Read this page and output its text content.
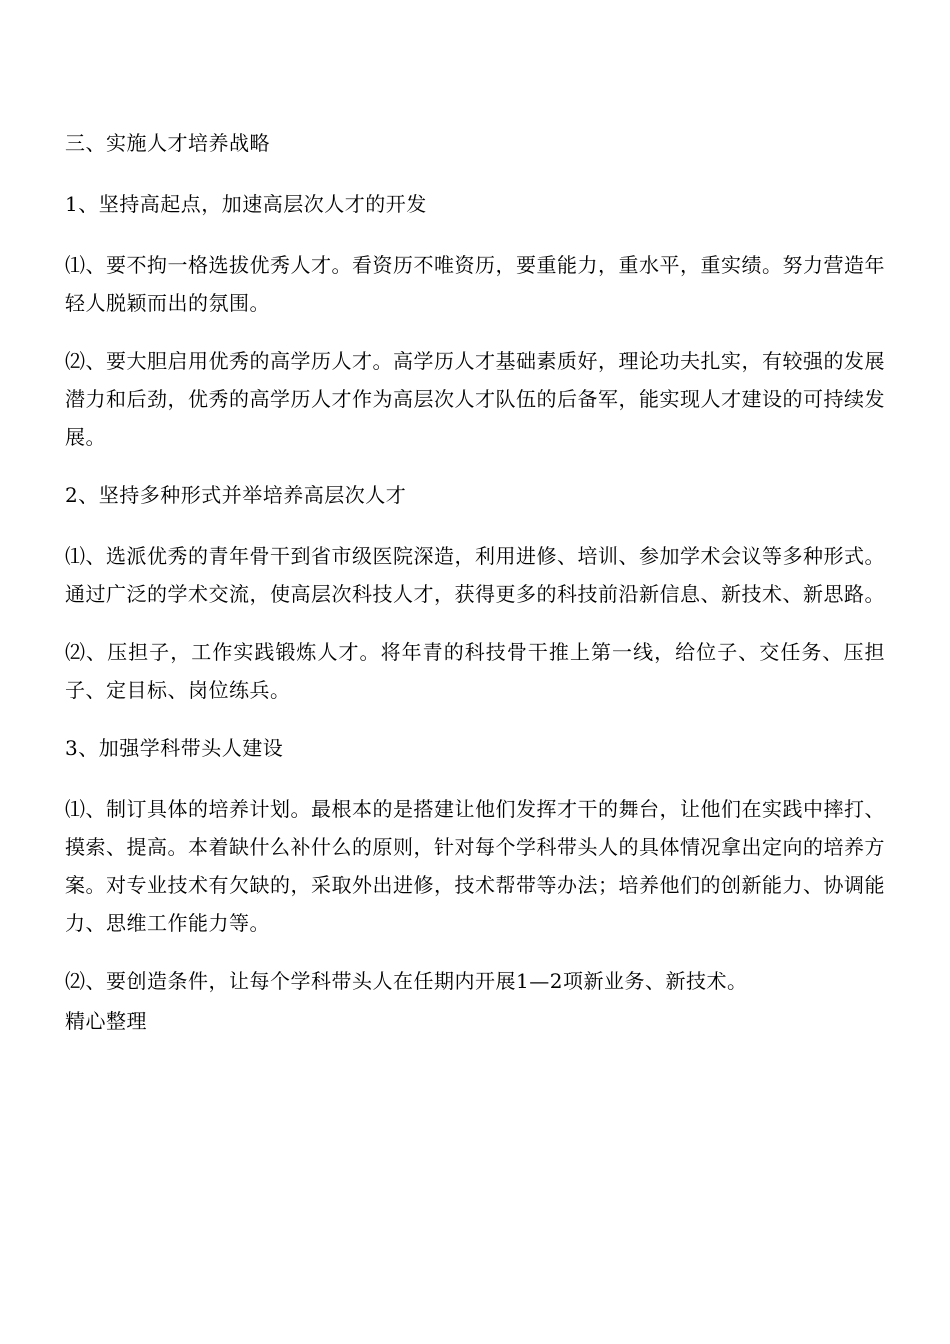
三、实施人才培养战略
1、坚持高起点，加速高层次人才的开发
⑴、要不拘一格选拔优秀人才。看资历不唯资历，要重能力，重水平，重实绩。努力营造年轻人脱颖而出的氛围。
⑵、要大胆启用优秀的高学历人才。高学历人才基础素质好，理论功夫扎实，有较强的发展潜力和后劲，优秀的高学历人才作为高层次人才队伍的后备军，能实现人才建设的可持续发展。
2、坚持多种形式并举培养高层次人才
⑴、选派优秀的青年骨干到省市级医院深造，利用进修、培训、参加学术会议等多种形式。通过广泛的学术交流，使高层次科技人才，获得更多的科技前沿新信息、新技术、新思路。
⑵、压担子，工作实践锻炼人才。将年青的科技骨干推上第一线，给位子、交任务、压担子、定目标、岗位练兵。
3、加强学科带头人建设
⑴、制订具体的培养计划。最根本的是搭建让他们发挥才干的舞台，让他们在实践中摔打、摸索、提高。本着缺什么补什么的原则，针对每个学科带头人的具体情况拿出定向的培养方案。对专业技术有欠缺的，采取外出进修，技术帮带等办法；培养他们的创新能力、协调能力、思维工作能力等。
⑵、要创造条件，让每个学科带头人在任期内开展1—2项新业务、新技术。
精心整理
